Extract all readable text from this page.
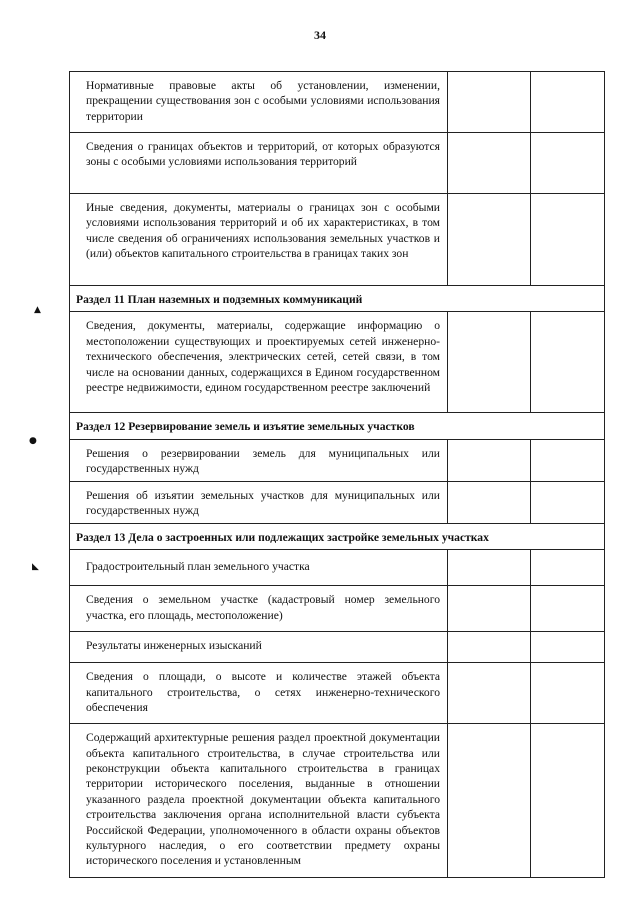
34
▲
●
◣
Нормативные правовые акты об установлении, изменении, прекращении существования зон с особыми условиями использования территории		
Сведения о границах объектов и территорий, от которых образуются зоны с особыми условиями использования территорий		
Иные сведения, документы, материалы о границах зон с особыми условиями использования территорий и об их характеристиках, в том числе сведения об ограничениях использования земельных участков и (или) объектов капитального строительства в границах таких зон		
Раздел 11 План наземных и подземных коммуникаций		
Сведения, документы, материалы, содержащие информацию о местоположении существующих и проектируемых сетей инженерно-технического обеспечения, электрических сетей, сетей связи, в том числе на основании данных, содержащихся в Едином государственном реестре недвижимости, едином государственном реестре заключений		
Раздел 12 Резервирование земель и изъятие земельных участков		
Решения о резервировании земель для муниципальных или государственных нужд		
Решения об изъятии земельных участков для муниципальных или государственных нужд		
Раздел 13 Дела о застроенных или подлежащих застройке земельных участках		
Градостроительный план земельного участка		
Сведения о земельном участке (кадастровый номер земельного участка, его площадь, местоположение)		
Результаты инженерных изысканий		
Сведения о площади, о высоте и количестве этажей объекта капитального строительства, о сетях инженерно-технического обеспечения		
Содержащий архитектурные решения раздел проектной документации объекта капитального строительства, в случае строительства или реконструкции объекта капитального строительства в границах территории исторического поселения, выданные в отношении указанного раздела проектной документации объекта капитального строительства заключения органа исполнительной власти субъекта Российской Федерации, уполномоченного в области охраны объектов культурного наследия, о его соответствии предмету охраны исторического поселения и установленным		
